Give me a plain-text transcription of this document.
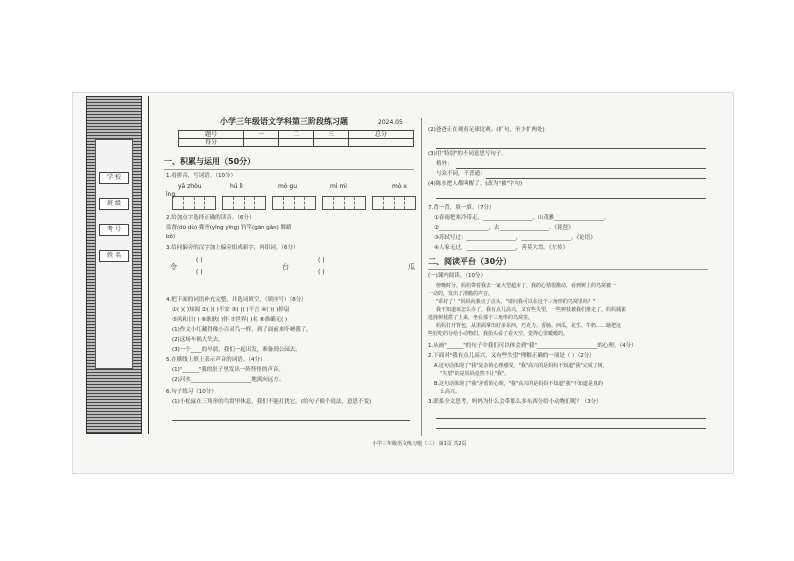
学 校
班 级
考 号
姓 名
小学三年级语文学科第三阶段练习题	2024.05
题号	一	二	三	总分
得分				
一、积累与运用（50分）
1.看拼音，写词语。（10分）
yā zhòu	hú lì	mò gu	mì mì	mò x
ìng
2.给加点字选择正确的读音。（6分）
监督(dū dù) 冀齐(yǐng yīng) 钓竿(gān gǎn) 舞蹈
bō)
3.给同偏旁的汉字加上偏旁组成新字，再组词。（6分）
令
( )
( )
台
( )
( )
瓜
4.把下面的词语补充完整，并选词填空。（填序号）（8分）
①( )( )知闻 ②( )( )不安 ③( )( )不言 ④( )( )掉扇
⑤风和日( ) ⑥耿耿( )怀 ⑦世界( )名 ⑧准确无( )
(1)作文小红藏得像小百灵鸟一样，到了面前来吓唬我了。
(2)这场车祸大失去。
(3)一个____的早晨，我们一起出发，准备到公园去。
5.在横线上填上表示声音的词语。（4分）
(1)"______"我的肚子里发出一阵怪怪的声音。
(2)河水______________________地流向远方。
6.句子练习（10分）
(1)小松鼠在三角形的鸟窝里休息，我们不能打扰它。(给句子换个说法，意思不变)
(2)爸爸正在观看足球比赛。(扩句，至少扩两处)
(3)用"特别"的不同意思写句子。
格外：
与众不同，不普通：
(4)陈水把人都叫醒了。(改为"被"字句)
7.背一背，填一填。（7分）
①春雨把寒冷带走，__________________，山茂雅__________________。
②__________________，去__________________。《琵琶》
③苏轼写过：__________________，__________________。《论语》
④人家无过，__________________，善莫大焉。《左传》
二、阅读平台（30分）
(一)课内阅读。（10分）
傍晚时分，妈妈带着我去一家大型超市了，我的心情很激动，看到树上的鸟窝被一
一动的，发出了清脆的声音。
"乖好了！"妈妈向我点了点头，"请问我可以在这个三角形的鸟窝里吗？"
我不知道该怎么办了，我有点儿高兴，又有些失望，一些树枝被我们推走了，妈妈捕雀
选择树枝搭了上来，坐在那个三角形的鸟窝里。
妈妈打开背包，从里面拿出好多东西，巧克力、香肠、西瓜、花生、牛奶……她把这
些好吃的分给小动物们。我抬头看了看天空，觉得心里暖暖的。
1.从画"______"的句子中我们可以体会到"我"______________________的心理。（4分）
2.下面对"我有点儿高兴，又有些失望"理解正确的一项是（ ）（2分）
A.这句话体现了"我"复杂的心理感受，"我"高兴的是妈妈不知道"我"完成了树，
"失望"的是妈妈竟然不让"我"。
B.这句话体现了"我"矛盾的心理，"我"高兴的是妈妈不知道"我"不知道是真的
么高兴。
3.联系全文思考，妈妈为什么会带那么多东西分给小动物们呢？（3分）
小学三年级语文练习题（三） 第1页 共2页
